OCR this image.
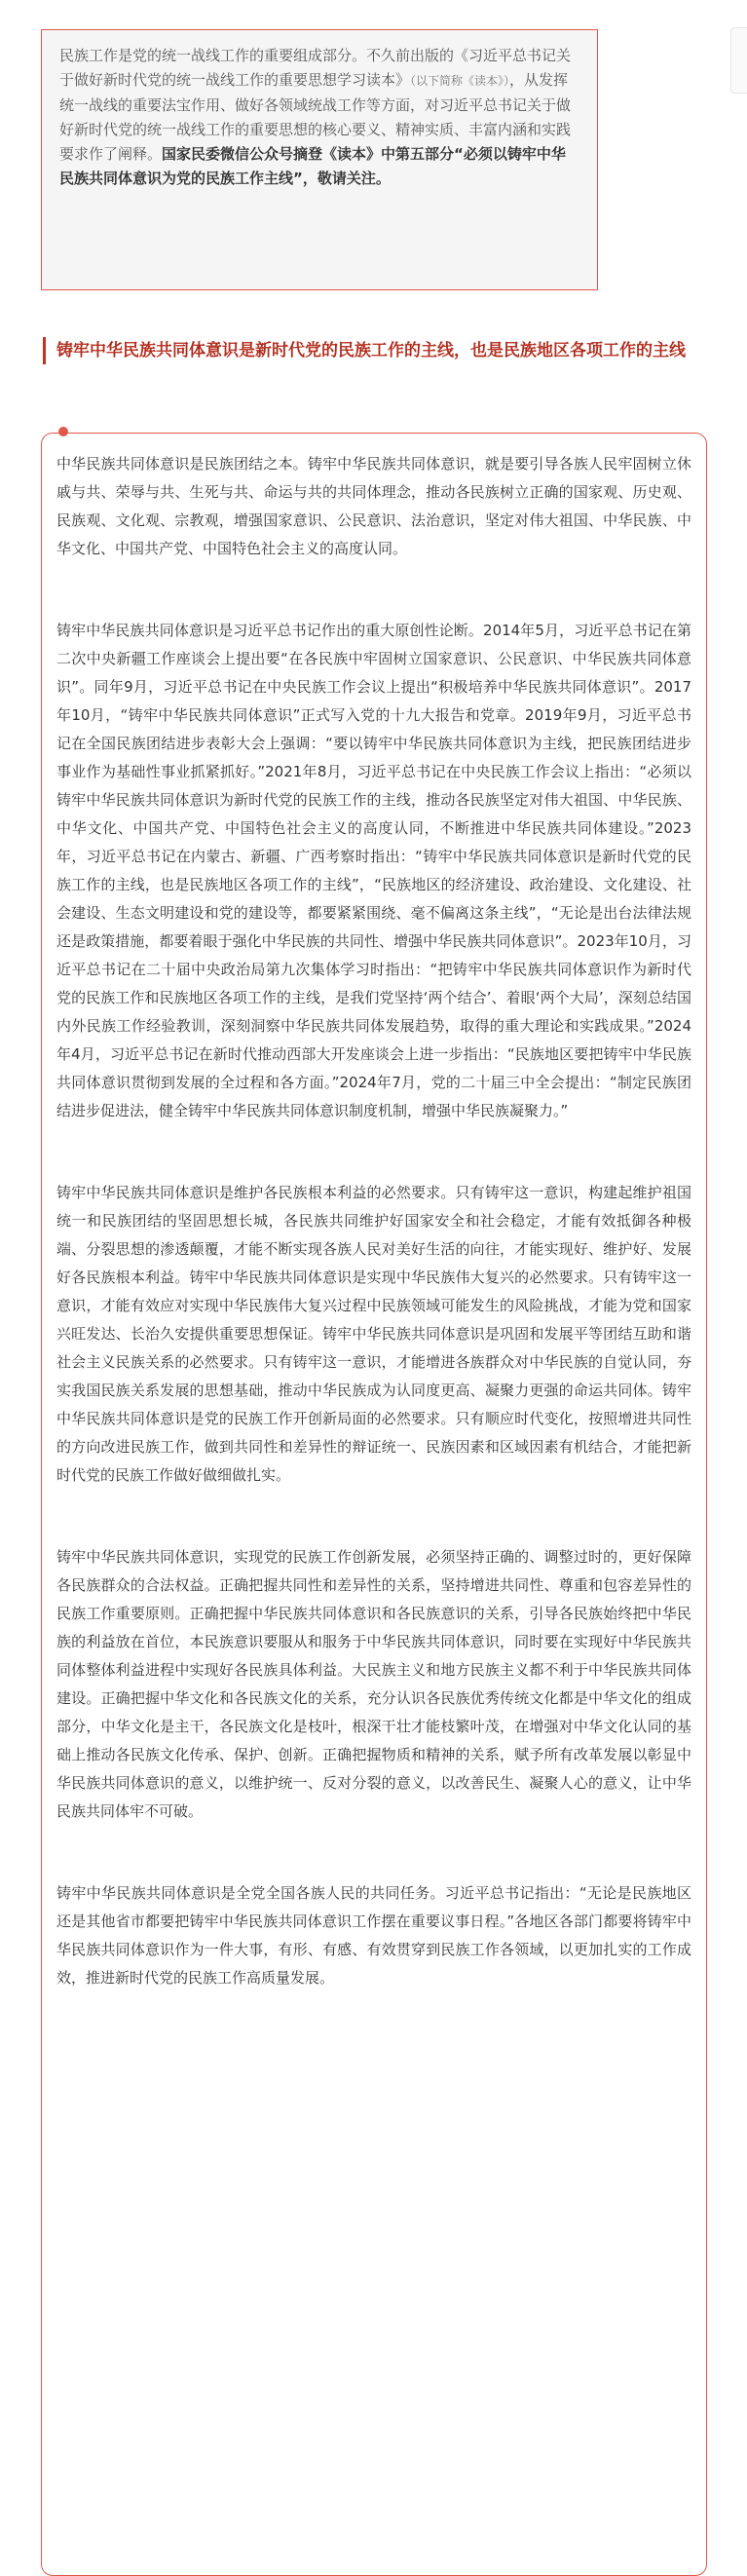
民族工作是党的统一战线工作的重要组成部分。不久前出版的《习近平总书记关于做好新时代党的统一战线工作的重要思想学习读本》（以下简称《读本》），从发挥统一战线的重要法宝作用、做好各领域统战工作等方面，对习近平总书记关于做好新时代党的统一战线工作的重要思想的核心要义、精神实质、丰富内涵和实践要求作了阐释。国家民委微信公众号摘登《读本》中第五部分“必须以铸牢中华民族共同体意识为党的民族工作主线”，敬请关注。
铸牢中华民族共同体意识是新时代党的民族工作的主线，也是民族地区各项工作的主线

中华民族共同体意识是民族团结之本。铸牢中华民族共同体意识，就是要引导各族人民牢固树立休戚与共、荣辱与共、生死与共、命运与共的共同体理念，推动各民族树立正确的国家观、历史观、民族观、文化观、宗教观，增强国家意识、公民意识、法治意识，坚定对伟大祖国、中华民族、中华文化、中国共产党、中国特色社会主义的高度认同。

铸牢中华民族共同体意识是习近平总书记作出的重大原创性论断。2014年5月，习近平总书记在第二次中央新疆工作座谈会上提出要“在各民族中牢固树立国家意识、公民意识、中华民族共同体意识”。同年9月，习近平总书记在中央民族工作会议上提出“积极培养中华民族共同体意识”。2017年10月，“铸牢中华民族共同体意识”正式写入党的十九大报告和党章。2019年9月，习近平总书记在全国民族团结进步表彰大会上强调：“要以铸牢中华民族共同体意识为主线，把民族团结进步事业作为基础性事业抓紧抓好。”2021年8月，习近平总书记在中央民族工作会议上指出：“必须以铸牢中华民族共同体意识为新时代党的民族工作的主线，推动各民族坚定对伟大祖国、中华民族、中华文化、中国共产党、中国特色社会主义的高度认同，不断推进中华民族共同体建设。”2023年，习近平总书记在内蒙古、新疆、广西考察时指出：“铸牢中华民族共同体意识是新时代党的民族工作的主线，也是民族地区各项工作的主线”，“民族地区的经济建设、政治建设、文化建设、社会建设、生态文明建设和党的建设等，都要紧紧围绕、毫不偏离这条主线”，“无论是出台法律法规还是政策措施，都要着眼于强化中华民族的共同性、增强中华民族共同体意识”。2023年10月，习近平总书记在二十届中央政治局第九次集体学习时指出：“把铸牢中华民族共同体意识作为新时代党的民族工作和民族地区各项工作的主线，是我们党坚持‘两个结合’、着眼‘两个大局’，深刻总结国内外民族工作经验教训，深刻洞察中华民族共同体发展趋势，取得的重大理论和实践成果。”2024年4月，习近平总书记在新时代推动西部大开发座谈会上进一步指出：“民族地区要把铸牢中华民族共同体意识贯彻到发展的全过程和各方面。”2024年7月，党的二十届三中全会提出：“制定民族团结进步促进法，健全铸牢中华民族共同体意识制度机制，增强中华民族凝聚力。”

铸牢中华民族共同体意识是维护各民族根本利益的必然要求。只有铸牢这一意识，构建起维护祖国统一和民族团结的坚固思想长城，各民族共同维护好国家安全和社会稳定，才能有效抵御各种极端、分裂思想的渗透颠覆，才能不断实现各族人民对美好生活的向往，才能实现好、维护好、发展好各民族根本利益。铸牢中华民族共同体意识是实现中华民族伟大复兴的必然要求。只有铸牢这一意识，才能有效应对实现中华民族伟大复兴过程中民族领域可能发生的风险挑战，才能为党和国家兴旺发达、长治久安提供重要思想保证。铸牢中华民族共同体意识是巩固和发展平等团结互助和谐社会主义民族关系的必然要求。只有铸牢这一意识，才能增进各族群众对中华民族的自觉认同，夯实我国民族关系发展的思想基础，推动中华民族成为认同度更高、凝聚力更强的命运共同体。铸牢中华民族共同体意识是党的民族工作开创新局面的必然要求。只有顺应时代变化，按照增进共同性的方向改进民族工作，做到共同性和差异性的辩证统一、民族因素和区域因素有机结合，才能把新时代党的民族工作做好做细做扎实。

铸牢中华民族共同体意识，实现党的民族工作创新发展，必须坚持正确的、调整过时的，更好保障各民族群众的合法权益。正确把握共同性和差异性的关系，坚持增进共同性、尊重和包容差异性的民族工作重要原则。正确把握中华民族共同体意识和各民族意识的关系，引导各民族始终把中华民族的利益放在首位，本民族意识要服从和服务于中华民族共同体意识，同时要在实现好中华民族共同体整体利益进程中实现好各民族具体利益。大民族主义和地方民族主义都不利于中华民族共同体建设。正确把握中华文化和各民族文化的关系，充分认识各民族优秀传统文化都是中华文化的组成部分，中华文化是主干，各民族文化是枝叶，根深干壮才能枝繁叶茂，在增强对中华文化认同的基础上推动各民族文化传承、保护、创新。正确把握物质和精神的关系，赋予所有改革发展以彰显中华民族共同体意识的意义，以维护统一、反对分裂的意义，以改善民生、凝聚人心的意义，让中华民族共同体牢不可破。

铸牢中华民族共同体意识是全党全国各族人民的共同任务。习近平总书记指出：“无论是民族地区还是其他省市都要把铸牢中华民族共同体意识工作摆在重要议事日程。”各地区各部门都要将铸牢中华民族共同体意识作为一件大事，有形、有感、有效贯穿到民族工作各领域，以更加扎实的工作成效，推进新时代党的民族工作高质量发展。
